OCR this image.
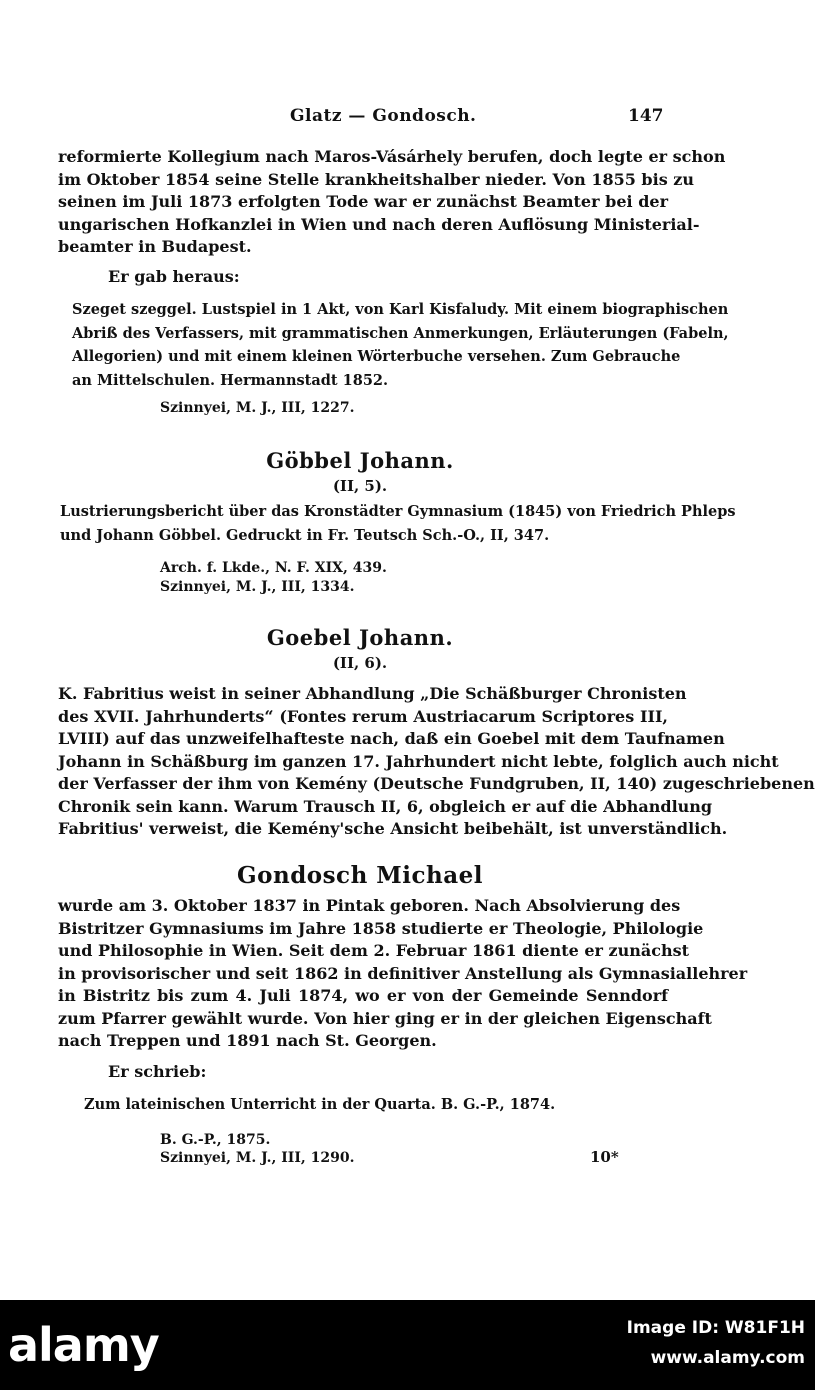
Glatz — Gondosch.	147
reformierte Kollegium nach Maros-Vásárhely berufen, doch legte er schon
im Oktober 1854 seine Stelle krankheitshalber nieder. Von 1855 bis zu
seinen im Juli 1873 erfolgten Tode war er zunächst Beamter bei der
ungarischen Hofkanzlei in Wien und nach deren Auflösung Ministerial-
beamter in Budapest.
Er gab heraus:
Szeget szeggel. Lustspiel in 1 Akt, von Karl Kisfaludy. Mit einem biographischen
Abriß des Verfassers, mit grammatischen Anmerkungen, Erläuterungen (Fabeln,
Allegorien) und mit einem kleinen Wörterbuche versehen. Zum Gebrauche
an Mittelschulen. Hermannstadt 1852.
Szinnyei, M. J., III, 1227.
Göbbel Johann.
(II, 5).
Lustrierungsbericht über das Kronstädter Gymnasium (1845) von Friedrich Phleps
und Johann Göbbel. Gedruckt in Fr. Teutsch Sch.-O., II, 347.
Arch. f. Lkde., N. F. XIX, 439.
Szinnyei, M. J., III, 1334.
Goebel Johann.
(II, 6).
K. Fabritius weist in seiner Abhandlung „Die Schäßburger Chronisten
des XVII. Jahrhunderts“ (Fontes rerum Austriacarum Scriptores III,
LVIII) auf das unzweifelhafteste nach, daß ein Goebel mit dem Taufnamen
Johann in Schäßburg im ganzen 17. Jahrhundert nicht lebte, folglich auch nicht
der Verfasser der ihm von Kemény (Deutsche Fundgruben, II, 140) zugeschriebenen
Chronik sein kann. Warum Trausch II, 6, obgleich er auf die Abhandlung
Fabritius' verweist, die Kemény'sche Ansicht beibehält, ist unverständlich.
Gondosch Michael
wurde am 3. Oktober 1837 in Pintak geboren. Nach Absolvierung des
Bistritzer Gymnasiums im Jahre 1858 studierte er Theologie, Philologie
und Philosophie in Wien. Seit dem 2. Februar 1861 diente er zunächst
in provisorischer und seit 1862 in definitiver Anstellung als Gymnasiallehrer
in Bistritz bis zum 4. Juli 1874, wo er von der Gemeinde Senndorf
zum Pfarrer gewählt wurde. Von hier ging er in der gleichen Eigenschaft
nach Treppen und 1891 nach St. Georgen.
Er schrieb:
Zum lateinischen Unterricht in der Quarta. B. G.-P., 1874.
B. G.-P., 1875.
Szinnyei, M. J., III, 1290.	10*
alamy	Image ID: W81F1H
www.alamy.com
